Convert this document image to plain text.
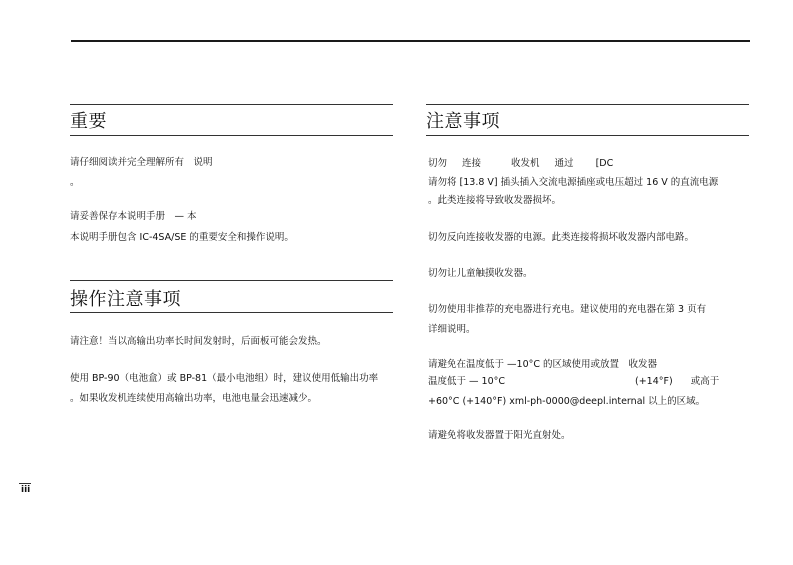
重要

请仔细阅读并完全理解所有　说明

。

请妥善保存本说明手册　— 本

本说明手册包含 IC-4SA/SE 的重要安全和操作说明。

操作注意事项

请注意！当以高输出功率长时间发射时，后面板可能会发热。

使用 BP-90（电池盒）或 BP-81（最小电池组）时，建议使用低输出功率

。如果收发机连续使用高输出功率，电池电量会迅速减少。

注意事项

切勿 连接	收发机 通过 [DC

请勿将 [13.8 V] 插头插入交流电源插座或电压超过 16 V 的直流电源

。此类连接将导致收发器损坏。

切勿反向连接收发器的电源。此类连接将损坏收发器内部电路。

切勿让儿童触摸收发器。

切勿使用非推荐的充电器进行充电。建议使用的充电器在第 3 页有

详细说明。

请避免在温度低于 —10°C 的区域使用或放置　收发器

温度低于 — 10°C	(+14°F) 或高于

+60°C (+140°F) xml-ph-0000@deepl.internal 以上的区域。

请避免将收发器置于阳光直射处。

iii
